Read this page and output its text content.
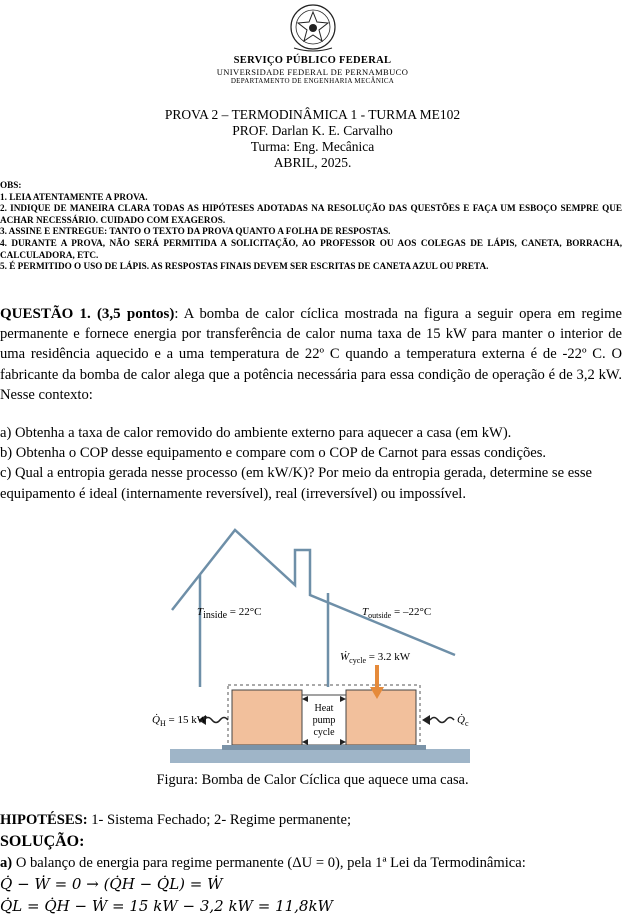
SERVIÇO PÚBLICO FEDERAL
UNIVERSIDADE FEDERAL DE PERNAMBUCO
DEPARTAMENTO DE ENGENHARIA MECÂNICA
PROVA 2 – TERMODINÂMICA 1 - TURMA ME102
PROF. Darlan K. E. Carvalho
Turma: Eng. Mecânica
ABRIL, 2025.

OBS:

1. LEIA ATENTAMENTE A PROVA.

2. INDIQUE DE MANEIRA CLARA TODAS AS HIPÓTESES ADOTADAS NA RESOLUÇÃO DAS QUESTÕES E FAÇA UM ESBOÇO SEMPRE QUE ACHAR NECESSÁRIO. CUIDADO COM EXAGEROS.

3. ASSINE E ENTREGUE: TANTO O TEXTO DA PROVA QUANTO A FOLHA DE RESPOSTAS.

4. DURANTE A PROVA, NÃO SERÁ PERMITIDA A SOLICITAÇÃO, AO PROFESSOR OU AOS COLEGAS DE LÁPIS, CANETA, BORRACHA, CALCULADORA, ETC.

5. É PERMITIDO O USO DE LÁPIS. AS RESPOSTAS FINAIS DEVEM SER ESCRITAS DE CANETA AZUL OU PRETA.

QUESTÃO 1. (3,5 pontos): A bomba de calor cíclica mostrada na figura a seguir opera em regime permanente e fornece energia por transferência de calor numa taxa de 15 kW para manter o interior de uma residência aquecido e a uma temperatura de 22º C quando a temperatura externa é de -22º C. O fabricante da bomba de calor alega que a potência necessária para essa condição de operação é de 3,2 kW. Nesse contexto:

a) Obtenha a taxa de calor removido do ambiente externo para aquecer a casa (em kW).

b) Obtenha o COP desse equipamento e compare com o COP de Carnot para essas condições.

c) Qual a entropia gerada nesse processo (em kW/K)? Por meio da entropia gerada, determine se esse equipamento é ideal (internamente reversível), real (irreversível) ou impossível.

Tinside = 22°C	$T_{outside} = -22^\circ C$
Ẇ$_{cycle}$ = 3.2 kW
$Q̇_H = 15$ kW	$Q̇_c$
Heat
pump
cycle
Figura: Bomba de Calor Cíclica que aquece uma casa.
HIPOTÉSES: 1- Sistema Fechado; 2- Regime permanente;
SOLUÇÃO:
a) O balanço de energia para regime permanente (ΔU = 0), pela 1ª Lei da Termodinâmica:
Q̇ − Ẇ = 0 → (Q̇H − Q̇L) = Ẇ
Q̇L = Q̇H − Ẇ = 15 kW − 3,2 kW = 11,8kW
